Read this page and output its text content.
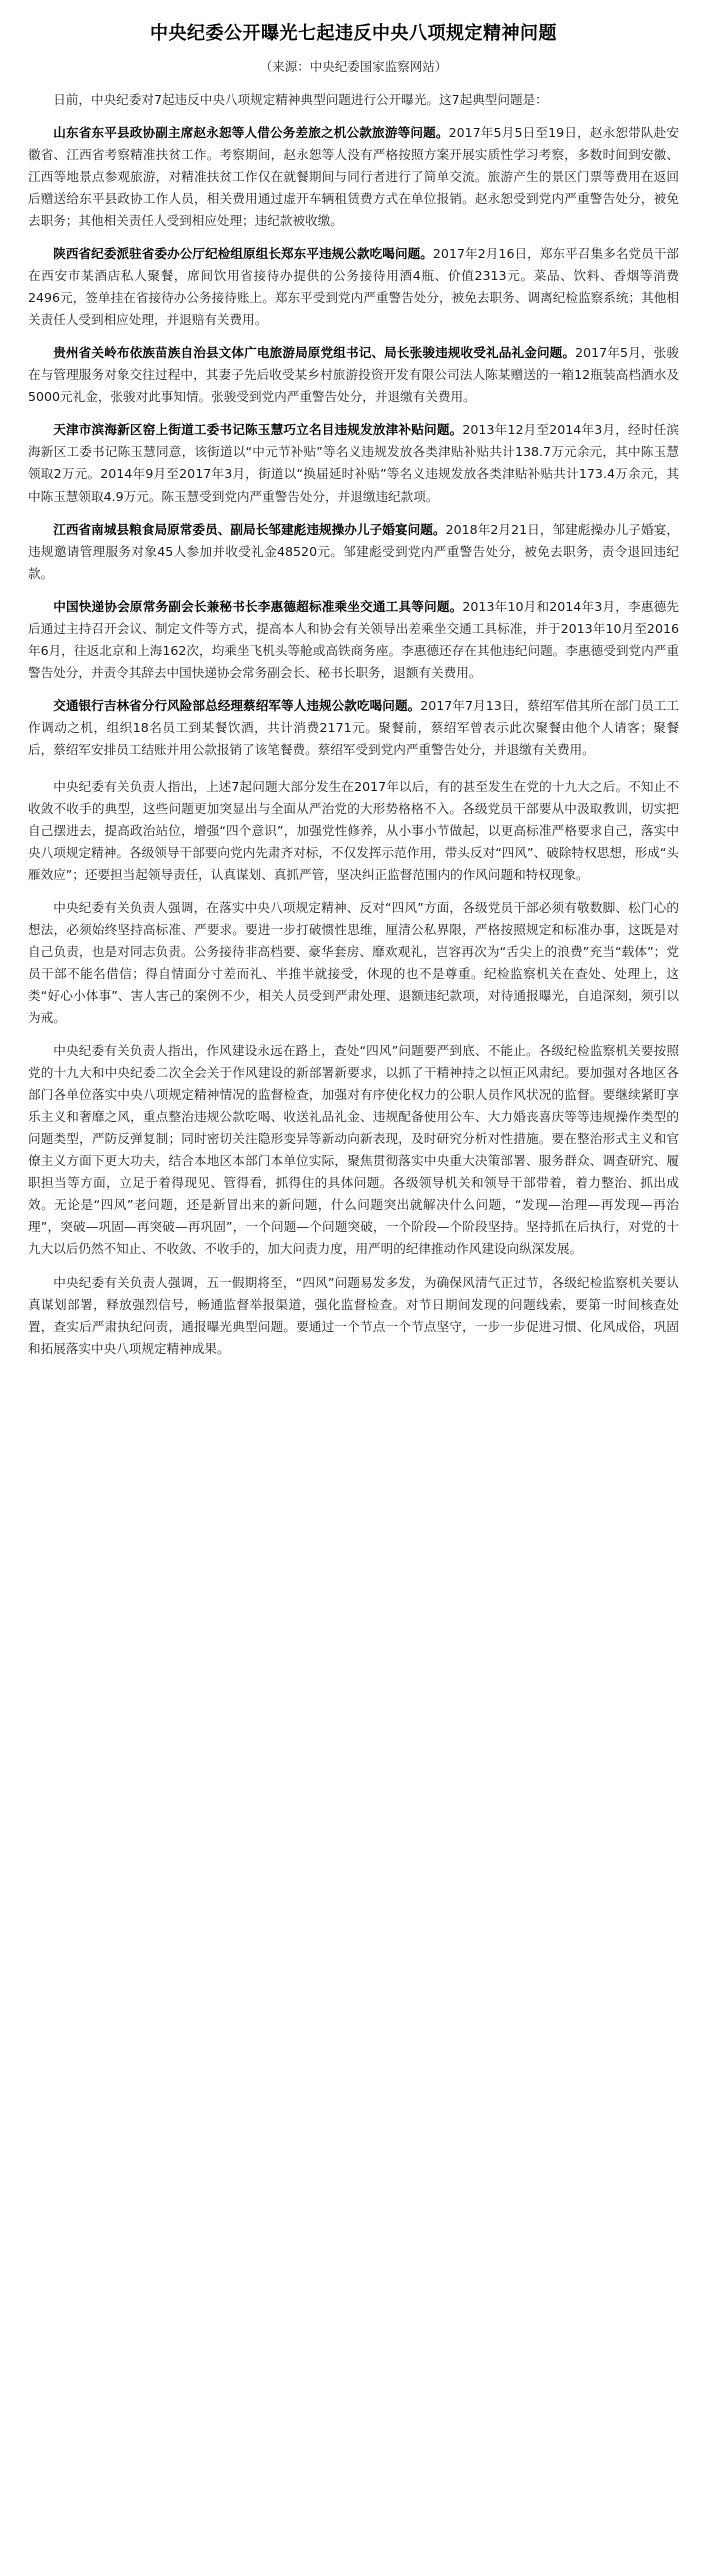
中央纪委公开曝光七起违反中央八项规定精神问题
（来源：中央纪委国家监察网站）

日前，中央纪委对7起违反中央八项规定精神典型问题进行公开曝光。这7起典型问题是：

山东省东平县政协副主席赵永恕等人借公务差旅之机公款旅游等问题。2017年5月5日至19日，赵永恕带队赴安徽省、江西省考察精准扶贫工作。考察期间，赵永恕等人没有严格按照方案开展实质性学习考察，多数时间到安徽、江西等地景点参观旅游，对精准扶贫工作仅在就餐期间与同行者进行了简单交流。旅游产生的景区门票等费用在返回后赠送给东平县政协工作人员，相关费用通过虚开车辆租赁费方式在单位报销。赵永恕受到党内严重警告处分，被免去职务；其他相关责任人受到相应处理；违纪款被收缴。

陕西省纪委派驻省委办公厅纪检组原组长郑东平违规公款吃喝问题。2017年2月16日，郑东平召集多名党员干部在西安市某酒店私人聚餐，席间饮用省接待办提供的公务接待用酒4瓶、价值2313元。菜品、饮料、香烟等消费2496元，签单挂在省接待办公务接待账上。郑东平受到党内严重警告处分，被免去职务、调离纪检监察系统；其他相关责任人受到相应处理，并退赔有关费用。

贵州省关岭布依族苗族自治县文体广电旅游局原党组书记、局长张骏违规收受礼品礼金问题。2017年5月，张骏在与管理服务对象交往过程中，其妻子先后收受某乡村旅游投资开发有限公司法人陈某赠送的一箱12瓶装高档酒水及5000元礼金，张骏对此事知情。张骏受到党内严重警告处分，并退缴有关费用。

天津市滨海新区窑上街道工委书记陈玉慧巧立名目违规发放津补贴问题。2013年12月至2014年3月，经时任滨海新区工委书记陈玉慧同意，该街道以“中元节补贴”等名义违规发放各类津贴补贴共计138.7万元余元，其中陈玉慧领取2万元。2014年9月至2017年3月，街道以“换届延时补贴”等名义违规发放各类津贴补贴共计173.4万余元，其中陈玉慧领取4.9万元。陈玉慧受到党内严重警告处分，并退缴违纪款项。

江西省南城县粮食局原常委员、副局长邹建彪违规操办儿子婚宴问题。2018年2月21日，邹建彪操办儿子婚宴，违规邀请管理服务对象45人参加并收受礼金48520元。邹建彪受到党内严重警告处分，被免去职务，责令退回违纪款。

中国快递协会原常务副会长兼秘书长李惠德超标准乘坐交通工具等问题。2013年10月和2014年3月，李惠德先后通过主持召开会议、制定文件等方式，提高本人和协会有关领导出差乘坐交通工具标准，并于2013年10月至2016年6月，往返北京和上海162次，均乘坐飞机头等舱或高铁商务座。李惠德还存在其他违纪问题。李惠德受到党内严重警告处分，并责令其辞去中国快递协会常务副会长、秘书长职务，退额有关费用。

交通银行吉林省分行风险部总经理蔡绍军等人违规公款吃喝问题。2017年7月13日，蔡绍军借其所在部门员工工作调动之机，组织18名员工到某餐饮酒，共计消费2171元。聚餐前，蔡绍军曾表示此次聚餐由他个人请客；聚餐后，蔡绍军安排员工结账并用公款报销了该笔餐费。蔡绍军受到党内严重警告处分，并退缴有关费用。

中央纪委有关负责人指出，上述7起问题大部分发生在2017年以后，有的甚至发生在党的十九大之后。不知止不收敛不收手的典型，这些问题更加突显出与全面从严治党的大形势格格不入。各级党员干部要从中汲取教训，切实把自己摆进去，提高政治站位，增强“四个意识”，加强党性修养，从小事小节做起，以更高标准严格要求自己，落实中央八项规定精神。各级领导干部要向党内先肃齐对标，不仅发挥示范作用，带头反对“四风”、破除特权思想，形成“头雁效应”；还要担当起领导责任，认真谋划、真抓严管，坚决纠正监督范围内的作风问题和特权现象。

中央纪委有关负责人强调，在落实中央八项规定精神、反对“四风”方面，各级党员干部必须有敬数脚、松门心的想法，必须始终坚持高标准、严要求。要进一步打破惯性思维，厘清公私界限，严格按照规定和标准办事，这既是对自己负责，也是对同志负责。公务接待非高档要、豪华套房、靡欢观礼，岂容再次为“舌尖上的浪费”充当“载体”；党员干部不能名借信；得自情面分寸差而礼、半推半就接受，休现的也不是尊重。纪检监察机关在查处、处理上，这类“好心小体事”、害人害己的案例不少，相关人员受到严肃处理、退额违纪款项，对待通报曝光，自追深刻，须引以为戒。

中央纪委有关负责人指出，作风建设永远在路上，查处“四风”问题要严到底、不能止。各级纪检监察机关要按照党的十九大和中央纪委二次全会关于作风建设的新部署新要求，以抓了干精神持之以恒正风肃纪。要加强对各地区各部门各单位落实中央八项规定精神情况的监督检查，加强对有序使化权力的公职人员作风状况的监督。要继续紧盯享乐主义和奢靡之风，重点整治违规公款吃喝、收送礼品礼金、违规配备使用公车、大力婚丧喜庆等等违规操作类型的问题类型，严防反弹复制；同时密切关注隐形变异等新动向新表现，及时研究分析对性措施。要在整治形式主义和官僚主义方面下更大功夫，结合本地区本部门本单位实际，聚焦贯彻落实中央重大决策部署、服务群众、调查研究、履职担当等方面，立足于着得现见、管得看，抓得住的具体问题。各级领导机关和领导干部带着，着力整治、抓出成效。无论是“四风”老问题，还是新冒出来的新问题，什么问题突出就解决什么问题，“发现—治理—再发现—再治理”，突破—巩固—再突破—再巩固”，一个问题—个问题突破，一个阶段—个阶段坚持。坚持抓在后执行，对党的十九大以后仍然不知止、不收敛、不收手的，加大问责力度，用严明的纪律推动作风建设向纵深发展。

中央纪委有关负责人强调，五一假期将至，“四风”问题易发多发，为确保风清气正过节，各级纪检监察机关要认真谋划部署，释放强烈信号，畅通监督举报渠道，强化监督检查。对节日期间发现的问题线索，要第一时间核查处置，查实后严肃执纪问责，通报曝光典型问题。要通过一个节点一个节点坚守，一步一步促进习惯、化风成俗，巩固和拓展落实中央八项规定精神成果。
